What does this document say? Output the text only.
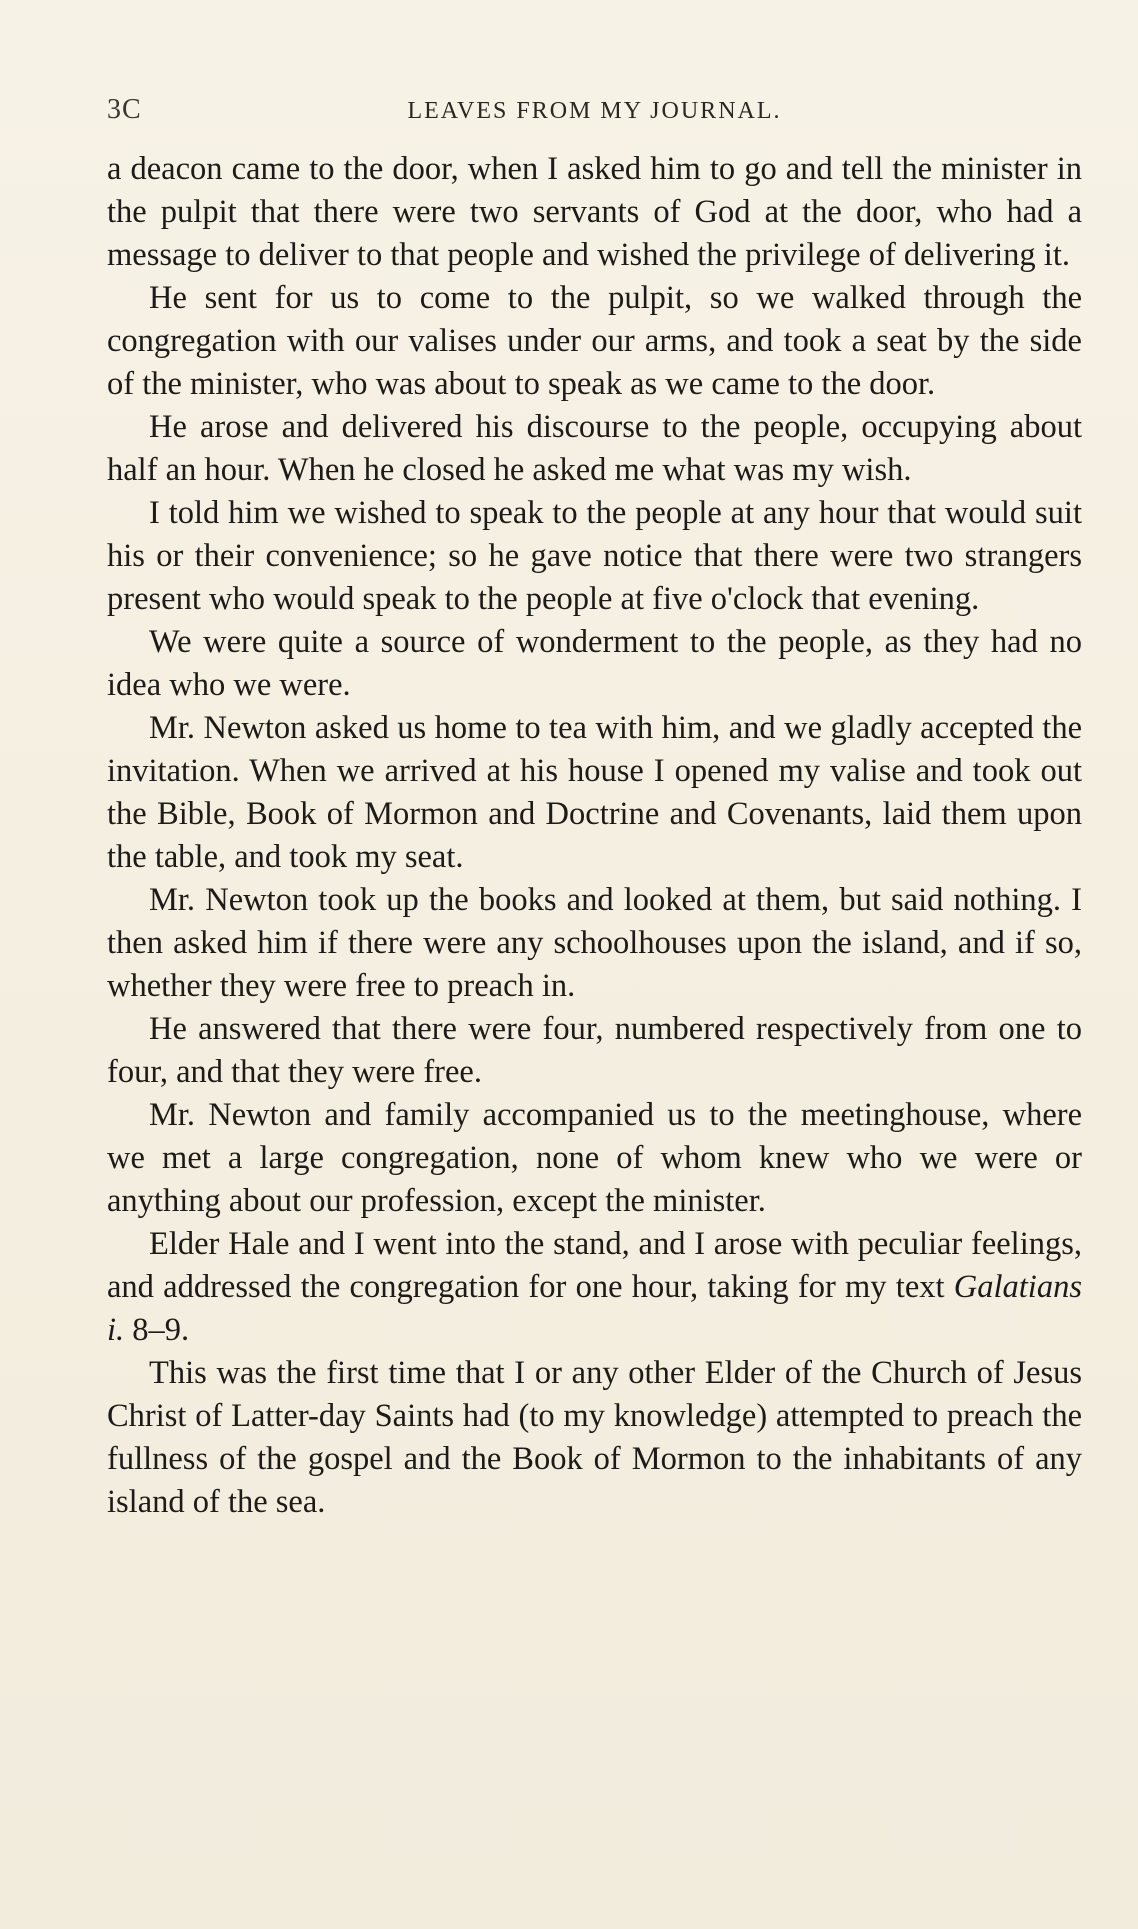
3C	LEAVES FROM MY JOURNAL.

a deacon came to the door, when I asked him to go and tell the minister in the pulpit that there were two servants of God at the door, who had a message to deliver to that people and wished the privilege of delivering it.

He sent for us to come to the pulpit, so we walked through the congregation with our valises under our arms, and took a seat by the side of the minister, who was about to speak as we came to the door.

He arose and delivered his discourse to the people, occupying about half an hour. When he closed he asked me what was my wish.

I told him we wished to speak to the people at any hour that would suit his or their convenience; so he gave notice that there were two strangers present who would speak to the people at five o'clock that evening.

We were quite a source of wonderment to the people, as they had no idea who we were.

Mr. Newton asked us home to tea with him, and we gladly accepted the invitation. When we arrived at his house I opened my valise and took out the Bible, Book of Mormon and Doctrine and Covenants, laid them upon the table, and took my seat.

Mr. Newton took up the books and looked at them, but said nothing. I then asked him if there were any schoolhouses upon the island, and if so, whether they were free to preach in.

He answered that there were four, numbered respectively from one to four, and that they were free.

Mr. Newton and family accompanied us to the meetinghouse, where we met a large congregation, none of whom knew who we were or anything about our profession, except the minister.

Elder Hale and I went into the stand, and I arose with peculiar feelings, and addressed the congregation for one hour, taking for my text Galatians i. 8–9.

This was the first time that I or any other Elder of the Church of Jesus Christ of Latter-day Saints had (to my knowledge) attempted to preach the fullness of the gospel and the Book of Mormon to the inhabitants of any island of the sea.
